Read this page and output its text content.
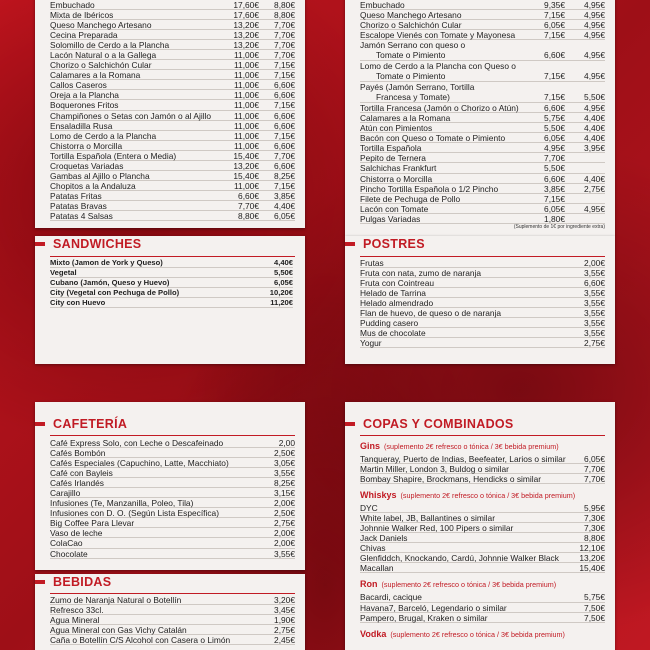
Embuchado	17,60€	8,80€
Mixta de Ibéricos	17,60€	8,80€
Queso Manchego Artesano	13,20€	7,70€
Cecina Preparada	13,20€	7,70€
Solomillo de Cerdo a la Plancha	13,20€	7,70€
Lacón Natural o a la Gallega	11,00€	7,70€
Chorizo o Salchichón Cular	11,00€	7,15€
Calamares a la Romana	11,00€	7,15€
Callos Caseros	11,00€	6,60€
Oreja a la Plancha	11,00€	6,60€
Boquerones Fritos	11,00€	7,15€
Champiñones o Setas con Jamón o al Ajillo	11,00€	6,60€
Ensaladilla Rusa	11,00€	6,60€
Lomo de Cerdo a la Plancha	11,00€	7,15€
Chistorra o Morcilla	11,00€	6,60€
Tortilla Española (Entera o Media)	15,40€	7,70€
Croquetas Variadas	13,20€	6,60€
Gambas al Ajillo o Plancha	15,40€	8,25€
Chopitos a la Andaluza	11,00€	7,15€
Patatas Fritas	6,60€	3,85€
Patatas Bravas	7,70€	4,40€
Patatas 4 Salsas	8,80€	6,05€
Embuchado	9,35€	4,95€
Queso Manchego Artesano	7,15€	4,95€
Chorizo o Salchichón Cular	6,05€	4,95€
Escalope Vienés con Tomate y Mayonesa	7,15€	4,95€
Jamón Serrano con queso o
Tomate o Pimiento	6,60€	4,95€
Lomo de Cerdo a la Plancha con Queso o
Tomate o Pimiento	7,15€	4,95€
Payés (Jamón Serrano, Tortilla
Francesa y Tomate)	7,15€	5,50€
Tortilla Francesa (Jamón o Chorizo o Atún)	6,60€	4,95€
Calamares a la Romana	5,75€	4,40€
Atún con Pimientos	5,50€	4,40€
Bacón con Queso o Tomate o Pimiento	6,05€	4,40€
Tortilla Española	4,95€	3,95€
Pepito de Ternera	7,70€
Salchichas Frankfurt	5,50€
Chistorra o Morcilla	6,60€	4,40€
Pincho Tortilla Española o 1/2 Pincho	3,85€	2,75€
Filete de Pechuga de Pollo	7,15€
Lacón con Tomate	6,05€	4,95€
Pulgas Variadas	1,80€
(Suplemento de 1€ por ingrediente extra)
SANDWICHES
Mixto (Jamon de York y Queso)	4,40€
Vegetal	5,50€
Cubano (Jamón, Queso y Huevo)	6,05€
City (Vegetal con Pechuga de Pollo)	10,20€
City con Huevo	11,20€
POSTRES
Frutas	2,00€
Fruta con nata, zumo de naranja	3,55€
Fruta con Cointreau	6,60€
Helado de Tarrina	3,55€
Helado almendrado	3,55€
Flan de huevo, de queso o de naranja	3,55€
Pudding casero	3,55€
Mus de chocolate	3,55€
Yogur	2,75€
CAFETERÍA
Café Express Solo, con Leche o Descafeinado	2,00
Cafés Bombón	2,50€
Cafés Especiales (Capuchino, Latte, Macchiato)	3,05€
Café con Bayleis	3,55€
Cafés Irlandés	8,25€
Carajillo	3,15€
Infusiones (Te, Manzanilla, Poleo, Tila)	2,00€
Infusiones con D. O. (Según Lista Específica)	2,50€
Big Coffee Para Llevar	2,75€
Vaso de leche	2,00€
ColaCao	2,00€
Chocolate	3,55€
BEBIDAS
Zumo de Naranja Natural o Botellín	3,20€
Refresco 33cl.	3,45€
Agua Mineral	1,90€
Agua Mineral con Gas Vichy Catalán	2,75€
Caña o Botellín C/S Alcohol con Casera o Limón	2,45€
COPAS Y COMBINADOS
Gins (suplemento 2€ refresco o tónica / 3€ bebida premium)
Tanqueray, Puerto de Indias, Beefeater, Larios o similar	6,05€
Martin Miller, London 3, Buldog o similar	7,70€
Bombay Shapire, Brockmans, Hendicks o similar	7,70€
Whiskys (suplemento 2€ refresco o tónica / 3€ bebida premium)
DYC	5,95€
White label, JB, Ballantines o similar	7,30€
Johnnie Walker Red, 100 Pipers o similar	7,30€
Jack Daniels	8,80€
Chivas	12,10€
Glenfiddch, Knockando, Cardú, Johnnie Walker Black	13,20€
Macallan	15,40€
Ron (suplemento 2€ refresco o tónica / 3€ bebida premium)
Bacardi, cacique	5,75€
Havana7, Barceló, Legendario o similar	7,50€
Pampero, Brugal, Kraken o similar	7,50€
Vodka (suplemento 2€ refresco o tónica / 3€ bebida premium)
